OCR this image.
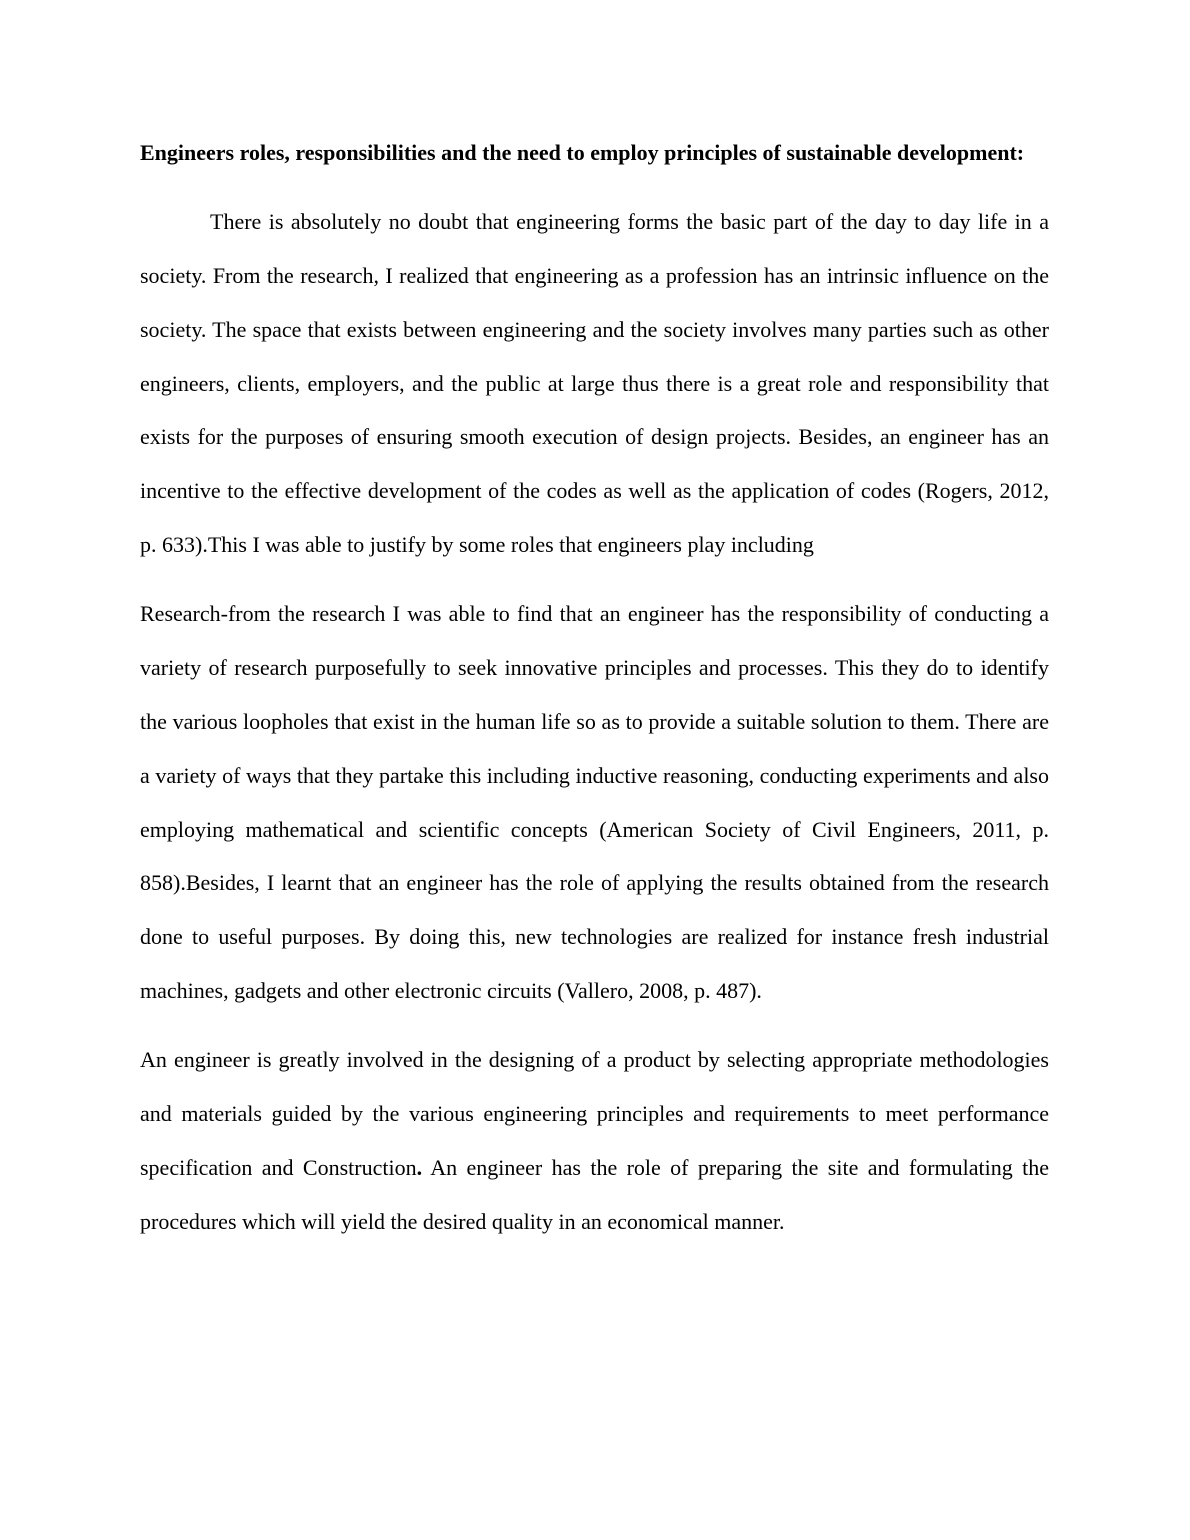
Engineers roles, responsibilities and the need to employ principles of sustainable development:

There is absolutely no doubt that engineering forms the basic part of the day to day life in a society. From the research, I realized that engineering as a profession has an intrinsic influence on the society. The space that exists between engineering and the society involves many parties such as other engineers, clients, employers, and the public at large thus there is a great role and responsibility that exists for the purposes of ensuring smooth execution of design projects. Besides, an engineer has an incentive to the effective development of the codes as well as the application of codes (Rogers, 2012, p. 633).This I was able to justify by some roles that engineers play including

Research-from the research I was able to find that an engineer has the responsibility of conducting a variety of research purposefully to seek innovative principles and processes. This they do to identify the various loopholes that exist in the human life so as to provide a suitable solution to them. There are a variety of ways that they partake this including inductive reasoning, conducting experiments and also employing mathematical and scientific concepts (American Society of Civil Engineers, 2011, p. 858).Besides, I learnt that an engineer has the role of applying the results obtained from the research done to useful purposes. By doing this, new technologies are realized for instance fresh industrial machines, gadgets and other electronic circuits (Vallero, 2008, p. 487).

An engineer is greatly involved in the designing of a product by selecting appropriate methodologies and materials guided by the various engineering principles and requirements to meet performance specification and Construction. An engineer has the role of preparing the site and formulating the procedures which will yield the desired quality in an economical manner.
